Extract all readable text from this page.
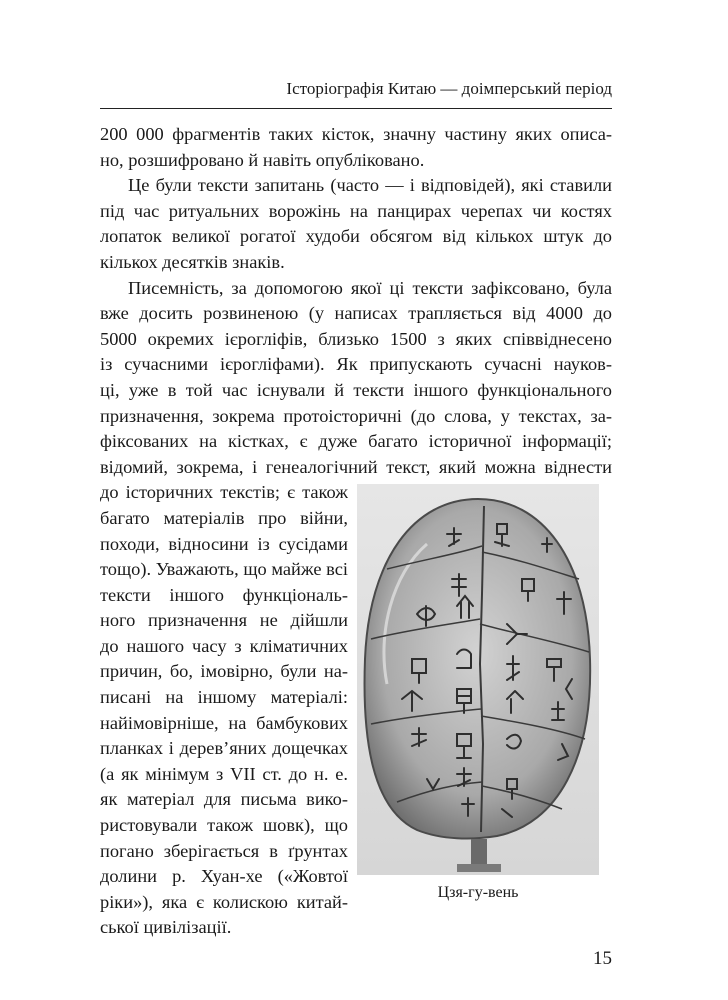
Історіографія Китаю — доімперський період
200 000 фрагментів таких кісток, значну частину яких описа-
но, розшифровано й навіть опубліковано.
Це були тексти запитань (часто — і відповідей), які ставили
під час ритуальних ворожінь на панцирах черепах чи костях
лопаток великої рогатої худоби обсягом від кількох штук до
кількох десятків знаків.
Писемність, за допомогою якої ці тексти зафіксовано, була
вже досить розвиненою (у написах трапляється від 4000 до
5000 окремих ієрогліфів, близько 1500 з яких співвіднесено
із сучасними ієрогліфами). Як припускають сучасні науков-
ці, уже в той час існували й тексти іншого функціонального
призначення, зокрема протоісторичні (до слова, у текстах, за-
фіксованих на кістках, є дуже багато історичної інформації;
відомий, зокрема, і генеалогічний текст, який можна віднести
до історичних текстів; є також
багато матеріалів про війни,
походи, відносини із сусідами
тощо). Уважають, що майже всі
тексти іншого функціональ-
ного призначення не дійшли
до нашого часу з кліматичних
причин, бо, імовірно, були на-
писані на іншому матеріалі:
найімовірніше, на бамбукових
планках і дерев’яних дощечках
(а як мінімум з VII ст. до н. е.
як матеріал для письма вико-
ристовували також шовк), що
погано зберігається в ґрунтах
долини р. Хуан-хе («Жовтої
ріки»), яка є колискою китай-
ської цивілізації.
Цзя-гу-вень
15
